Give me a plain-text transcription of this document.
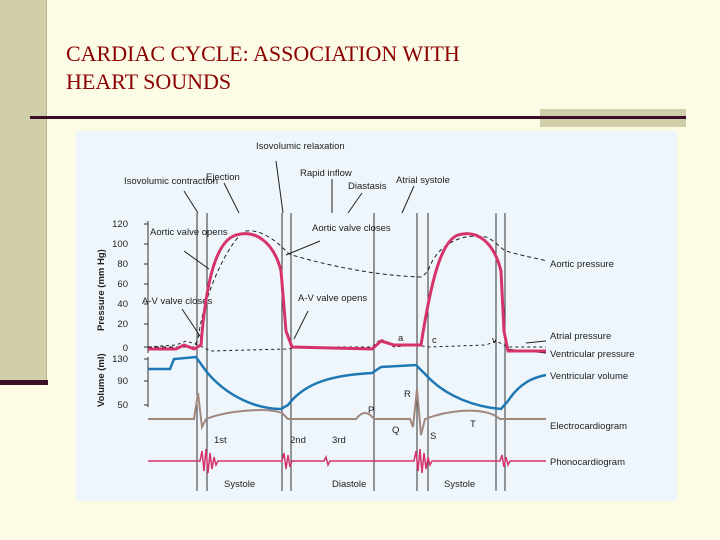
CARDIAC CYCLE: ASSOCIATION WITH
HEART SOUNDS
Isovolumic relaxation
Isovolumic contraction
Ejection	Rapid inflow
Diastasis
Atrial systole
Aortic valve opens	Aortic valve closes
A-V valve closes	A-V valve opens
120
100
80
60
40
20
0
130
90
50
Pressure (mm Hg)
Volume (ml)
a	c	v
P
Q
R
S
T
1st	2nd	3rd
Aortic pressure
Atrial pressure
Ventricular pressure
Ventricular volume
Electrocardiogram
Phonocardiogram
Systole	Diastole	Systole
